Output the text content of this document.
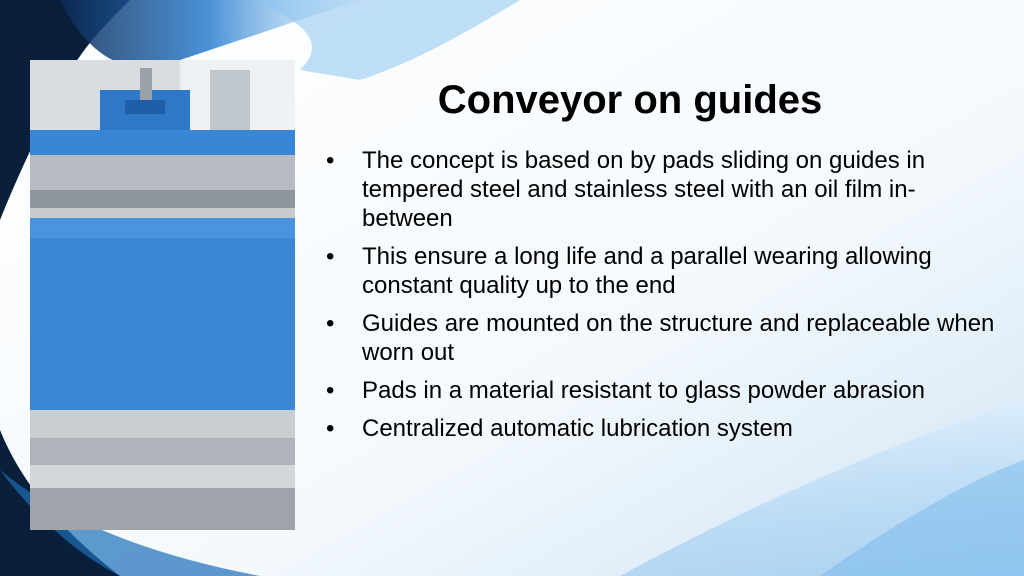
Conveyor on guides
• The concept is based on by pads sliding on guides in tempered steel and stainless steel with an oil film in-between
• This ensure a long life and a parallel wearing allowing constant quality up to the end
• Guides are mounted on the structure and replaceable when worn out
• Pads in a material resistant to glass powder abrasion
• Centralized automatic lubrication system
